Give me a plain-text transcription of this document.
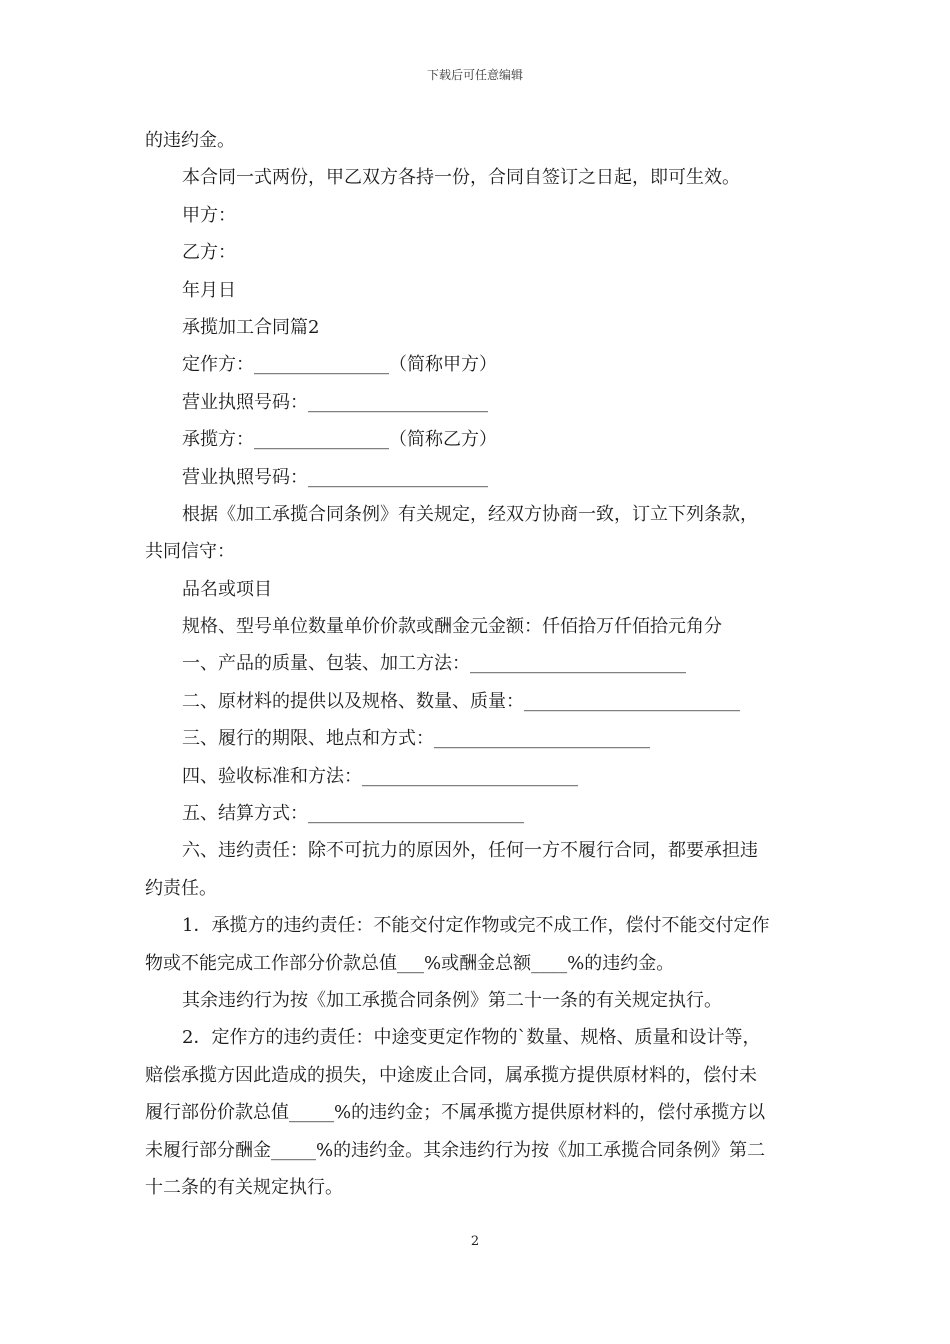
下载后可任意编辑
的违约金。
本合同一式两份，甲乙双方各持一份，合同自签订之日起，即可生效。
甲方：
乙方：
年月日
承揽加工合同篇2
定作方：_______________（简称甲方）
营业执照号码：____________________
承揽方：_______________（简称乙方）
营业执照号码：____________________
根据《加工承揽合同条例》有关规定，经双方协商一致，订立下列条款，
共同信守：
品名或项目
规格、型号单位数量单价价款或酬金元金额：仟佰拾万仟佰拾元角分
一、产品的质量、包装、加工方法：________________________
二、原材料的提供以及规格、数量、质量：________________________
三、履行的期限、地点和方式：________________________
四、验收标准和方法：________________________
五、结算方式：________________________
六、违约责任：除不可抗力的原因外，任何一方不履行合同，都要承担违
约责任。
1．承揽方的违约责任：不能交付定作物或完不成工作，偿付不能交付定作
物或不能完成工作部分价款总值___%或酬金总额____%的违约金。
其余违约行为按《加工承揽合同条例》第二十一条的有关规定执行。
2．定作方的违约责任：中途变更定作物的`数量、规格、质量和设计等，
赔偿承揽方因此造成的损失，中途废止合同，属承揽方提供原材料的，偿付未
履行部份价款总值_____%的违约金；不属承揽方提供原材料的，偿付承揽方以
未履行部分酬金_____%的违约金。其余违约行为按《加工承揽合同条例》第二
十二条的有关规定执行。
2
